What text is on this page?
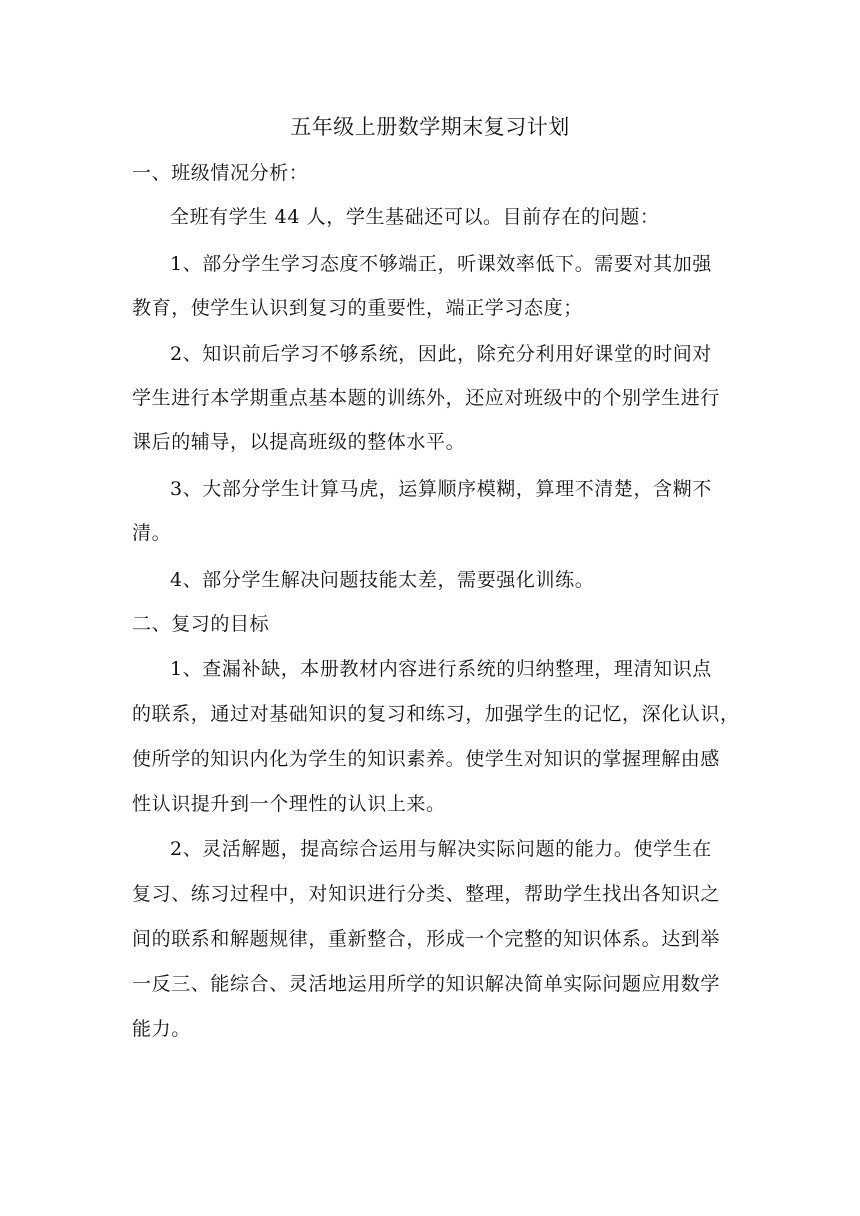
五年级上册数学期末复习计划
一、班级情况分析：
全班有学生 44 人，学生基础还可以。目前存在的问题：
1、部分学生学习态度不够端正，听课效率低下。需要对其加强
教育，使学生认识到复习的重要性，端正学习态度；
2、知识前后学习不够系统，因此，除充分利用好课堂的时间对
学生进行本学期重点基本题的训练外，还应对班级中的个别学生进行
课后的辅导，以提高班级的整体水平。
3、大部分学生计算马虎，运算顺序模糊，算理不清楚，含糊不
清。
4、部分学生解决问题技能太差，需要强化训练。
二、复习的目标
1、查漏补缺，本册教材内容进行系统的归纳整理，理清知识点
的联系，通过对基础知识的复习和练习，加强学生的记忆，深化认识，
使所学的知识内化为学生的知识素养。使学生对知识的掌握理解由感
性认识提升到一个理性的认识上来。
2、灵活解题，提高综合运用与解决实际问题的能力。使学生在
复习、练习过程中，对知识进行分类、整理，帮助学生找出各知识之
间的联系和解题规律，重新整合，形成一个完整的知识体系。达到举
一反三、能综合、灵活地运用所学的知识解决简单实际问题应用数学
能力。
